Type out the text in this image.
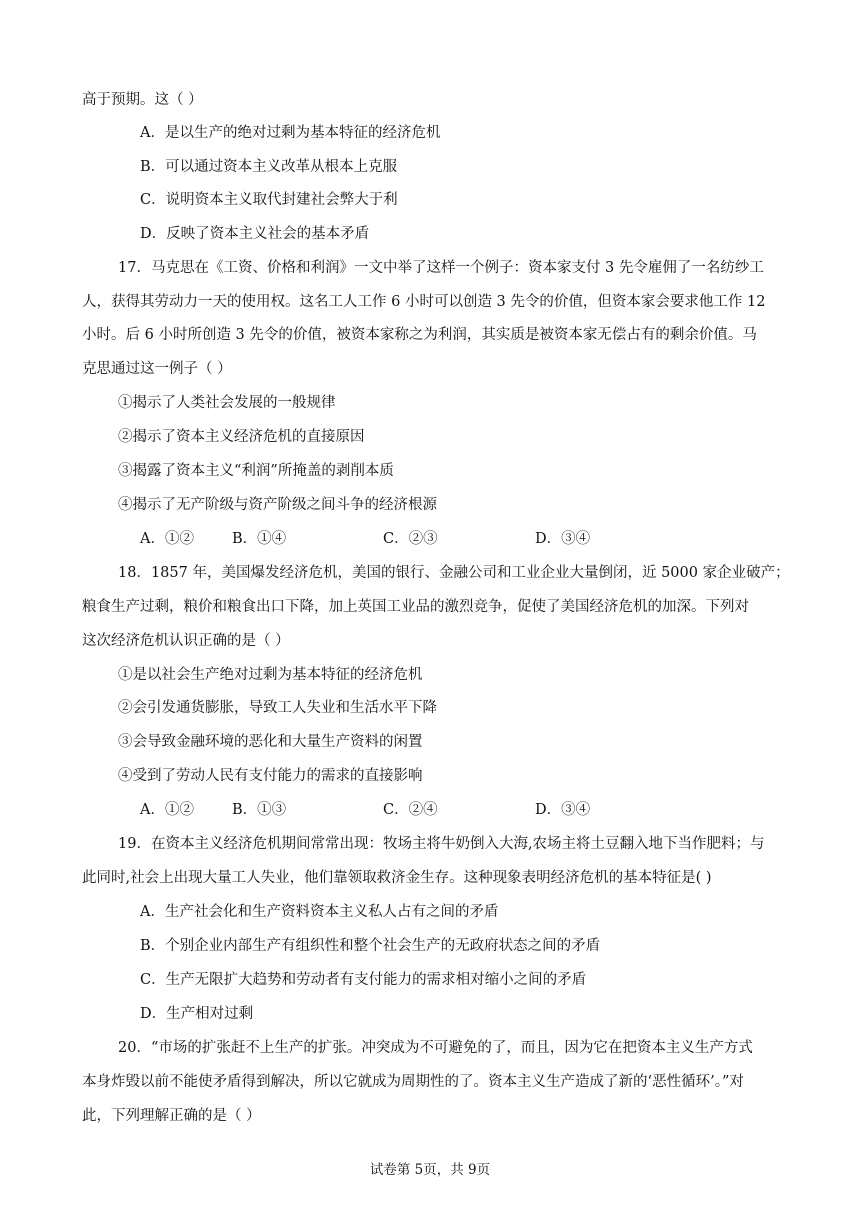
高于预期。这（ ）
A．是以生产的绝对过剩为基本特征的经济危机
B．可以通过资本主义改革从根本上克服
C．说明资本主义取代封建社会弊大于利
D．反映了资本主义社会的基本矛盾
17．马克思在《工资、价格和利润》一文中举了这样一个例子：资本家支付 3 先令雇佣了一名纺纱工
人，获得其劳动力一天的使用权。这名工人工作 6 小时可以创造 3 先令的价值，但资本家会要求他工作 12
小时。后 6 小时所创造 3 先令的价值，被资本家称之为利润，其实质是被资本家无偿占有的剩余价值。马
克思通过这一例子（ ）
①揭示了人类社会发展的一般规律
②揭示了资本主义经济危机的直接原因
③揭露了资本主义“利润”所掩盖的剥削本质
④揭示了无产阶级与资产阶级之间斗争的经济根源
A．①②	B．①④	C．②③	D．③④
18．1857 年，美国爆发经济危机，美国的银行、金融公司和工业企业大量倒闭，近 5000 家企业破产；
粮食生产过剩，粮价和粮食出口下降，加上英国工业品的激烈竞争，促使了美国经济危机的加深。下列对
这次经济危机认识正确的是（ ）
①是以社会生产绝对过剩为基本特征的经济危机
②会引发通货膨胀，导致工人失业和生活水平下降
③会导致金融环境的恶化和大量生产资料的闲置
④受到了劳动人民有支付能力的需求的直接影响
A．①②	B．①③	C．②④	D．③④
19．在资本主义经济危机期间常常出现：牧场主将牛奶倒入大海,农场主将土豆翻入地下当作肥料；与
此同时,社会上出现大量工人失业，他们靠领取救济金生存。这种现象表明经济危机的基本特征是( )
A．生产社会化和生产资料资本主义私人占有之间的矛盾
B．个别企业内部生产有组织性和整个社会生产的无政府状态之间的矛盾
C．生产无限扩大趋势和劳动者有支付能力的需求相对缩小之间的矛盾
D．生产相对过剩
20．“市场的扩张赶不上生产的扩张。冲突成为不可避免的了，而且，因为它在把资本主义生产方式
本身炸毁以前不能使矛盾得到解决，所以它就成为周期性的了。资本主义生产造成了新的‘恶性循环’。”对
此，下列理解正确的是（ ）
试卷第 5页，共 9页
